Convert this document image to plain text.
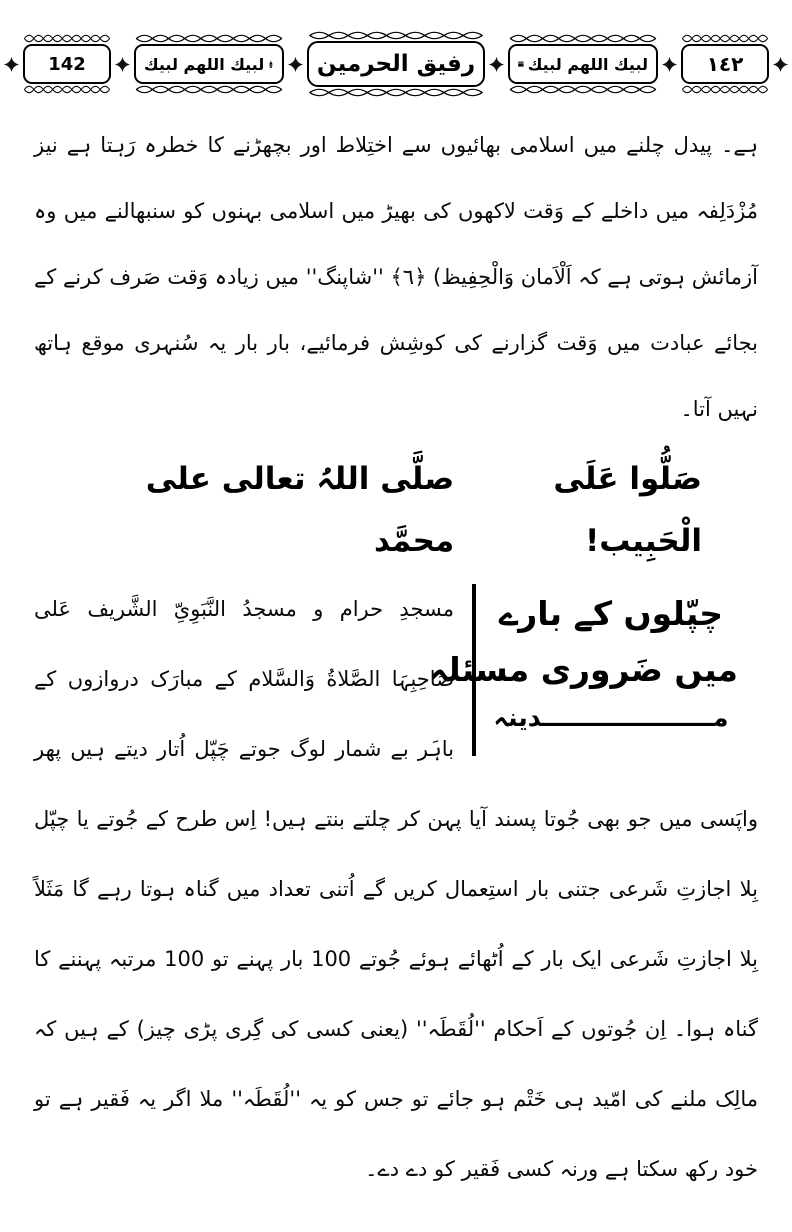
142	لبيك اللهم لبيك	رفيق الحرمين	لبيك اللهم لبيك	١٤٢

ہے۔ پیدل چلنے میں اسلامی بھائیوں سے اختِلاط اور بچھڑنے کا خطرہ رَہتا ہے نیز مُزْدَلِفہ میں داخلے کے وَقت لاکھوں کی بھیڑ میں اسلامی بہنوں کو سنبھالنے میں وہ آزمائش ہوتی ہے کہ اَلْاَمان وَالْحِفِیظ) ﴿٦﴾ ''شاپنگ'' میں زیادہ وَقت صَرف کرنے کے بجائے عبادت میں وَقت گزارنے کی کوشِش فرمائیے، بار بار یہ سُنہری موقع ہاتھ نہیں آتا۔

صَلُّوا عَلَی الْحَبِیب!
صلَّی اللہُ تعالی علی محمَّد
چپّلوں کے بارے
میں ضَروری مسئلہ
مــــــــــــــــــــدینہ

مسجدِ حرام و مسجدُ النَّبَوِیِّ الشَّریف عَلی صَاحِبِہَا الصَّلاةُ وَالسَّلام کے مبارَک دروازوں کے باہَر بے شمار لوگ جوتے چَپّل اُتار دیتے ہیں پھر واپَسی میں جو بھی جُوتا پسند آیا پہن کر چلتے بنتے ہیں! اِس طرح کے جُوتے یا چپّل بِلا اجازتِ شَرعی جتنی بار استِعمال کریں گے اُتنی تعداد میں گناہ ہوتا رہے گا مَثَلاً بِلا اجازتِ شَرعی ایک بار کے اُٹھائے ہوئے جُوتے 100 بار پہنے تو 100 مرتبہ پہننے کا گناہ ہوا۔ اِن جُوتوں کے اَحکام ''لُقَطَہ'' (یعنی کسی کی گِری پڑی چیز) کے ہیں کہ مالِک ملنے کی امّید ہی خَتْم ہو جائے تو جس کو یہ ''لُقَطَہ'' ملا اگر یہ فَقیر ہے تو خود رکھ سکتا ہے ورنہ کسی فَقیر کو دے دے۔
